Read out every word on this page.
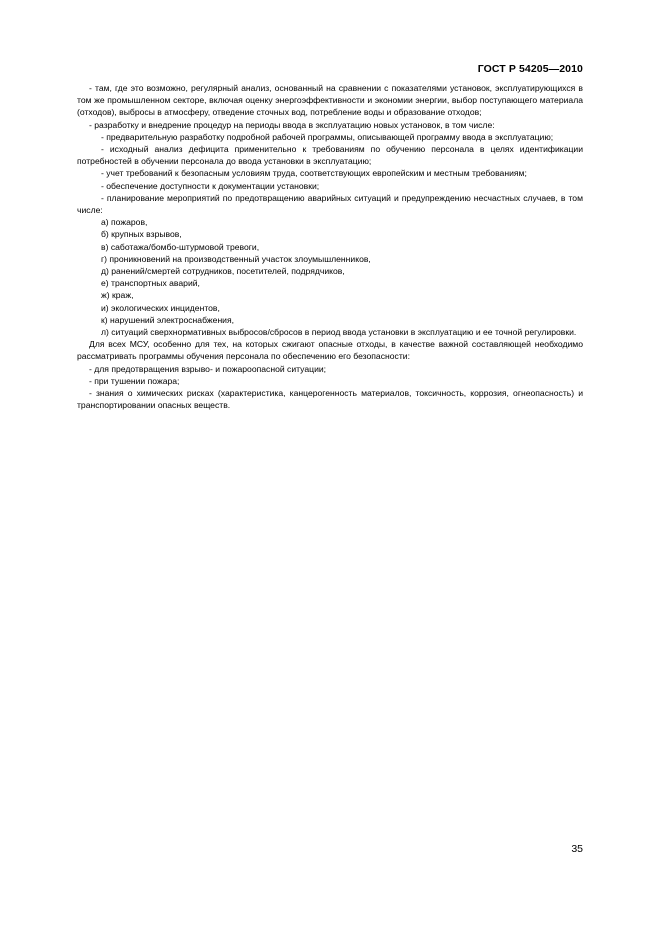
ГОСТ Р 54205—2010

- там, где это возможно, регулярный анализ, основанный на сравнении с показателями установок, эксплуатирующихся в том же промышленном секторе, включая оценку энергоэффективности и экономии энергии, выбор поступающего материала (отходов), выбросы в атмосферу, отведение сточных вод, потребление воды и образование отходов;

- разработку и внедрение процедур на периоды ввода в эксплуатацию новых установок, в том числе:

- предварительную разработку подробной рабочей программы, описывающей программу ввода в эксплуатацию;

- исходный анализ дефицита применительно к требованиям по обучению персонала в целях идентификации потребностей в обучении персонала до ввода установки в эксплуатацию;

- учет требований к безопасным условиям труда, соответствующих европейским и местным требованиям;

- обеспечение доступности к документации установки;

- планирование мероприятий по предотвращению аварийных ситуаций и предупреждению несчастных случаев, в том числе:

а) пожаров,

б) крупных взрывов,

в) саботажа/бомбо-штурмовой тревоги,

г) проникновений на производственный участок злоумышленников,

д) ранений/смертей сотрудников, посетителей, подрядчиков,

е) транспортных аварий,

ж) краж,

и) экологических инцидентов,

к) нарушений электроснабжения,

л) ситуаций сверхнормативных выбросов/сбросов в период ввода установки в эксплуатацию и ее точной регулировки.

Для всех МСУ, особенно для тех, на которых сжигают опасные отходы, в качестве важной составляющей необходимо рассматривать программы обучения персонала по обеспечению его безопасности:

- для предотвращения взрыво- и пожароопасной ситуации;

- при тушении пожара;

- знания о химических рисках (характеристика, канцерогенность материалов, токсичность, коррозия, огнеопасность) и транспортировании опасных веществ.

35
